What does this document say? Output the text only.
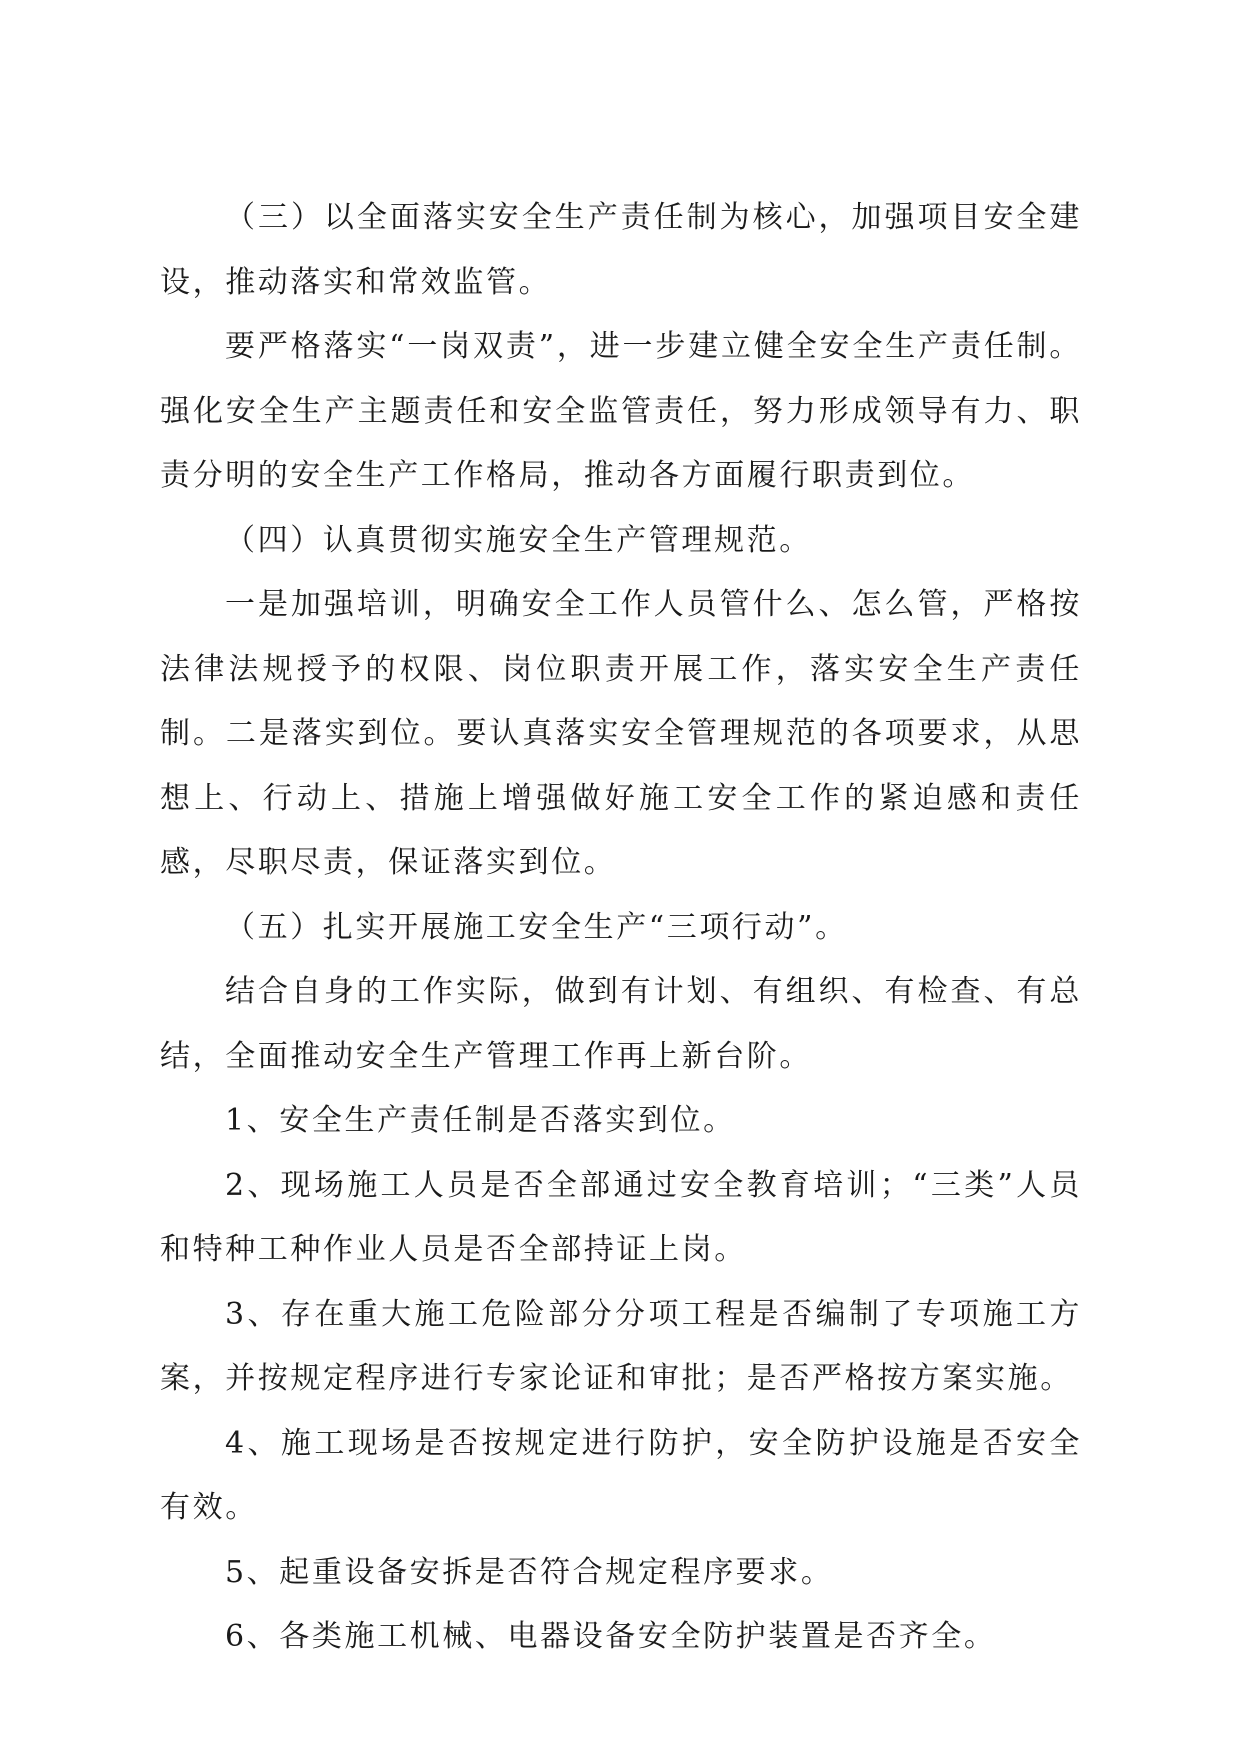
（三）以全面落实安全生产责任制为核心，加强项目安全建设，推动落实和常效监管。

要严格落实“一岗双责”，进一步建立健全安全生产责任制。强化安全生产主题责任和安全监管责任，努力形成领导有力、职责分明的安全生产工作格局，推动各方面履行职责到位。

（四）认真贯彻实施安全生产管理规范。

一是加强培训，明确安全工作人员管什么、怎么管，严格按法律法规授予的权限、岗位职责开展工作，落实安全生产责任制。二是落实到位。要认真落实安全管理规范的各项要求，从思想上、行动上、措施上增强做好施工安全工作的紧迫感和责任感，尽职尽责，保证落实到位。

（五）扎实开展施工安全生产“三项行动”。

结合自身的工作实际，做到有计划、有组织、有检查、有总结，全面推动安全生产管理工作再上新台阶。

1、安全生产责任制是否落实到位。

2、现场施工人员是否全部通过安全教育培训；“三类”人员和特种工种作业人员是否全部持证上岗。

3、存在重大施工危险部分分项工程是否编制了专项施工方案，并按规定程序进行专家论证和审批；是否严格按方案实施。

4、施工现场是否按规定进行防护，安全防护设施是否安全有效。

5、起重设备安拆是否符合规定程序要求。

6、各类施工机械、电器设备安全防护装置是否齐全。
